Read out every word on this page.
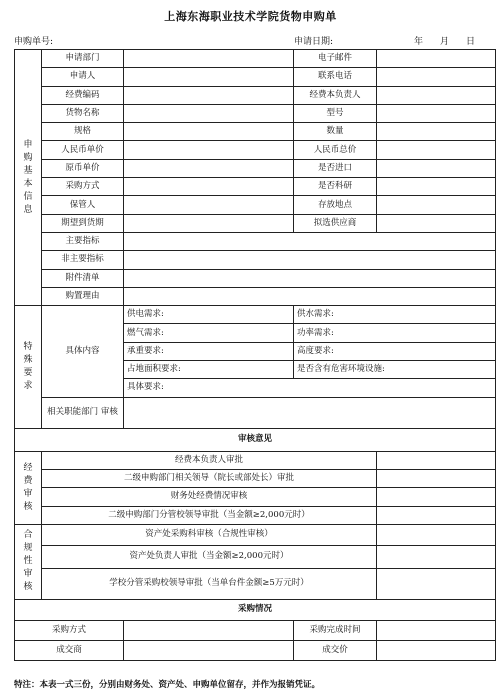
上海东海职业技术学院货物申购单
申购单号:	申请日期:	年 月 日
申购基本信息	申请部门		电子邮件	
	申请人		联系电话	
	经费编码		经费本负责人	
	货物名称		型号	
	规格		数量	
	人民币单价		人民币总价	
	原币单价		是否进口	
	采购方式		是否科研	
	保管人		存放地点	
	期望到货期		拟选供应商	
	主要指标			
	非主要指标			
	附件清单			
	购置理由			
特殊要求	具体内容	供电需求:	供水需求:	
		燃气需求:	功率需求:	
		承重要求:	高度要求:	
		占地面积要求:	是否含有危害环境设施:	
		具体要求:		
	相关职能部门 审核			
审核意见				
经费审核	经费本负责人审批			
	二级申购部门相关领导（院长或部处长）审批			
	财务处经费情况审核			
	二级申购部门分管校领导审批（当金额≥2,000元时）			
合规性审核	资产处采购科审核（合规性审核）			
	资产处负责人审批（当金额≥2,000元时）			
	学校分管采购校领导审批（当单台件金额≥5万元时）			
采购情况				
采购方式			采购完成时间	
成交商			成交价	
特注：本表一式三份，分别由财务处、资产处、申购单位留存，并作为报销凭证。
